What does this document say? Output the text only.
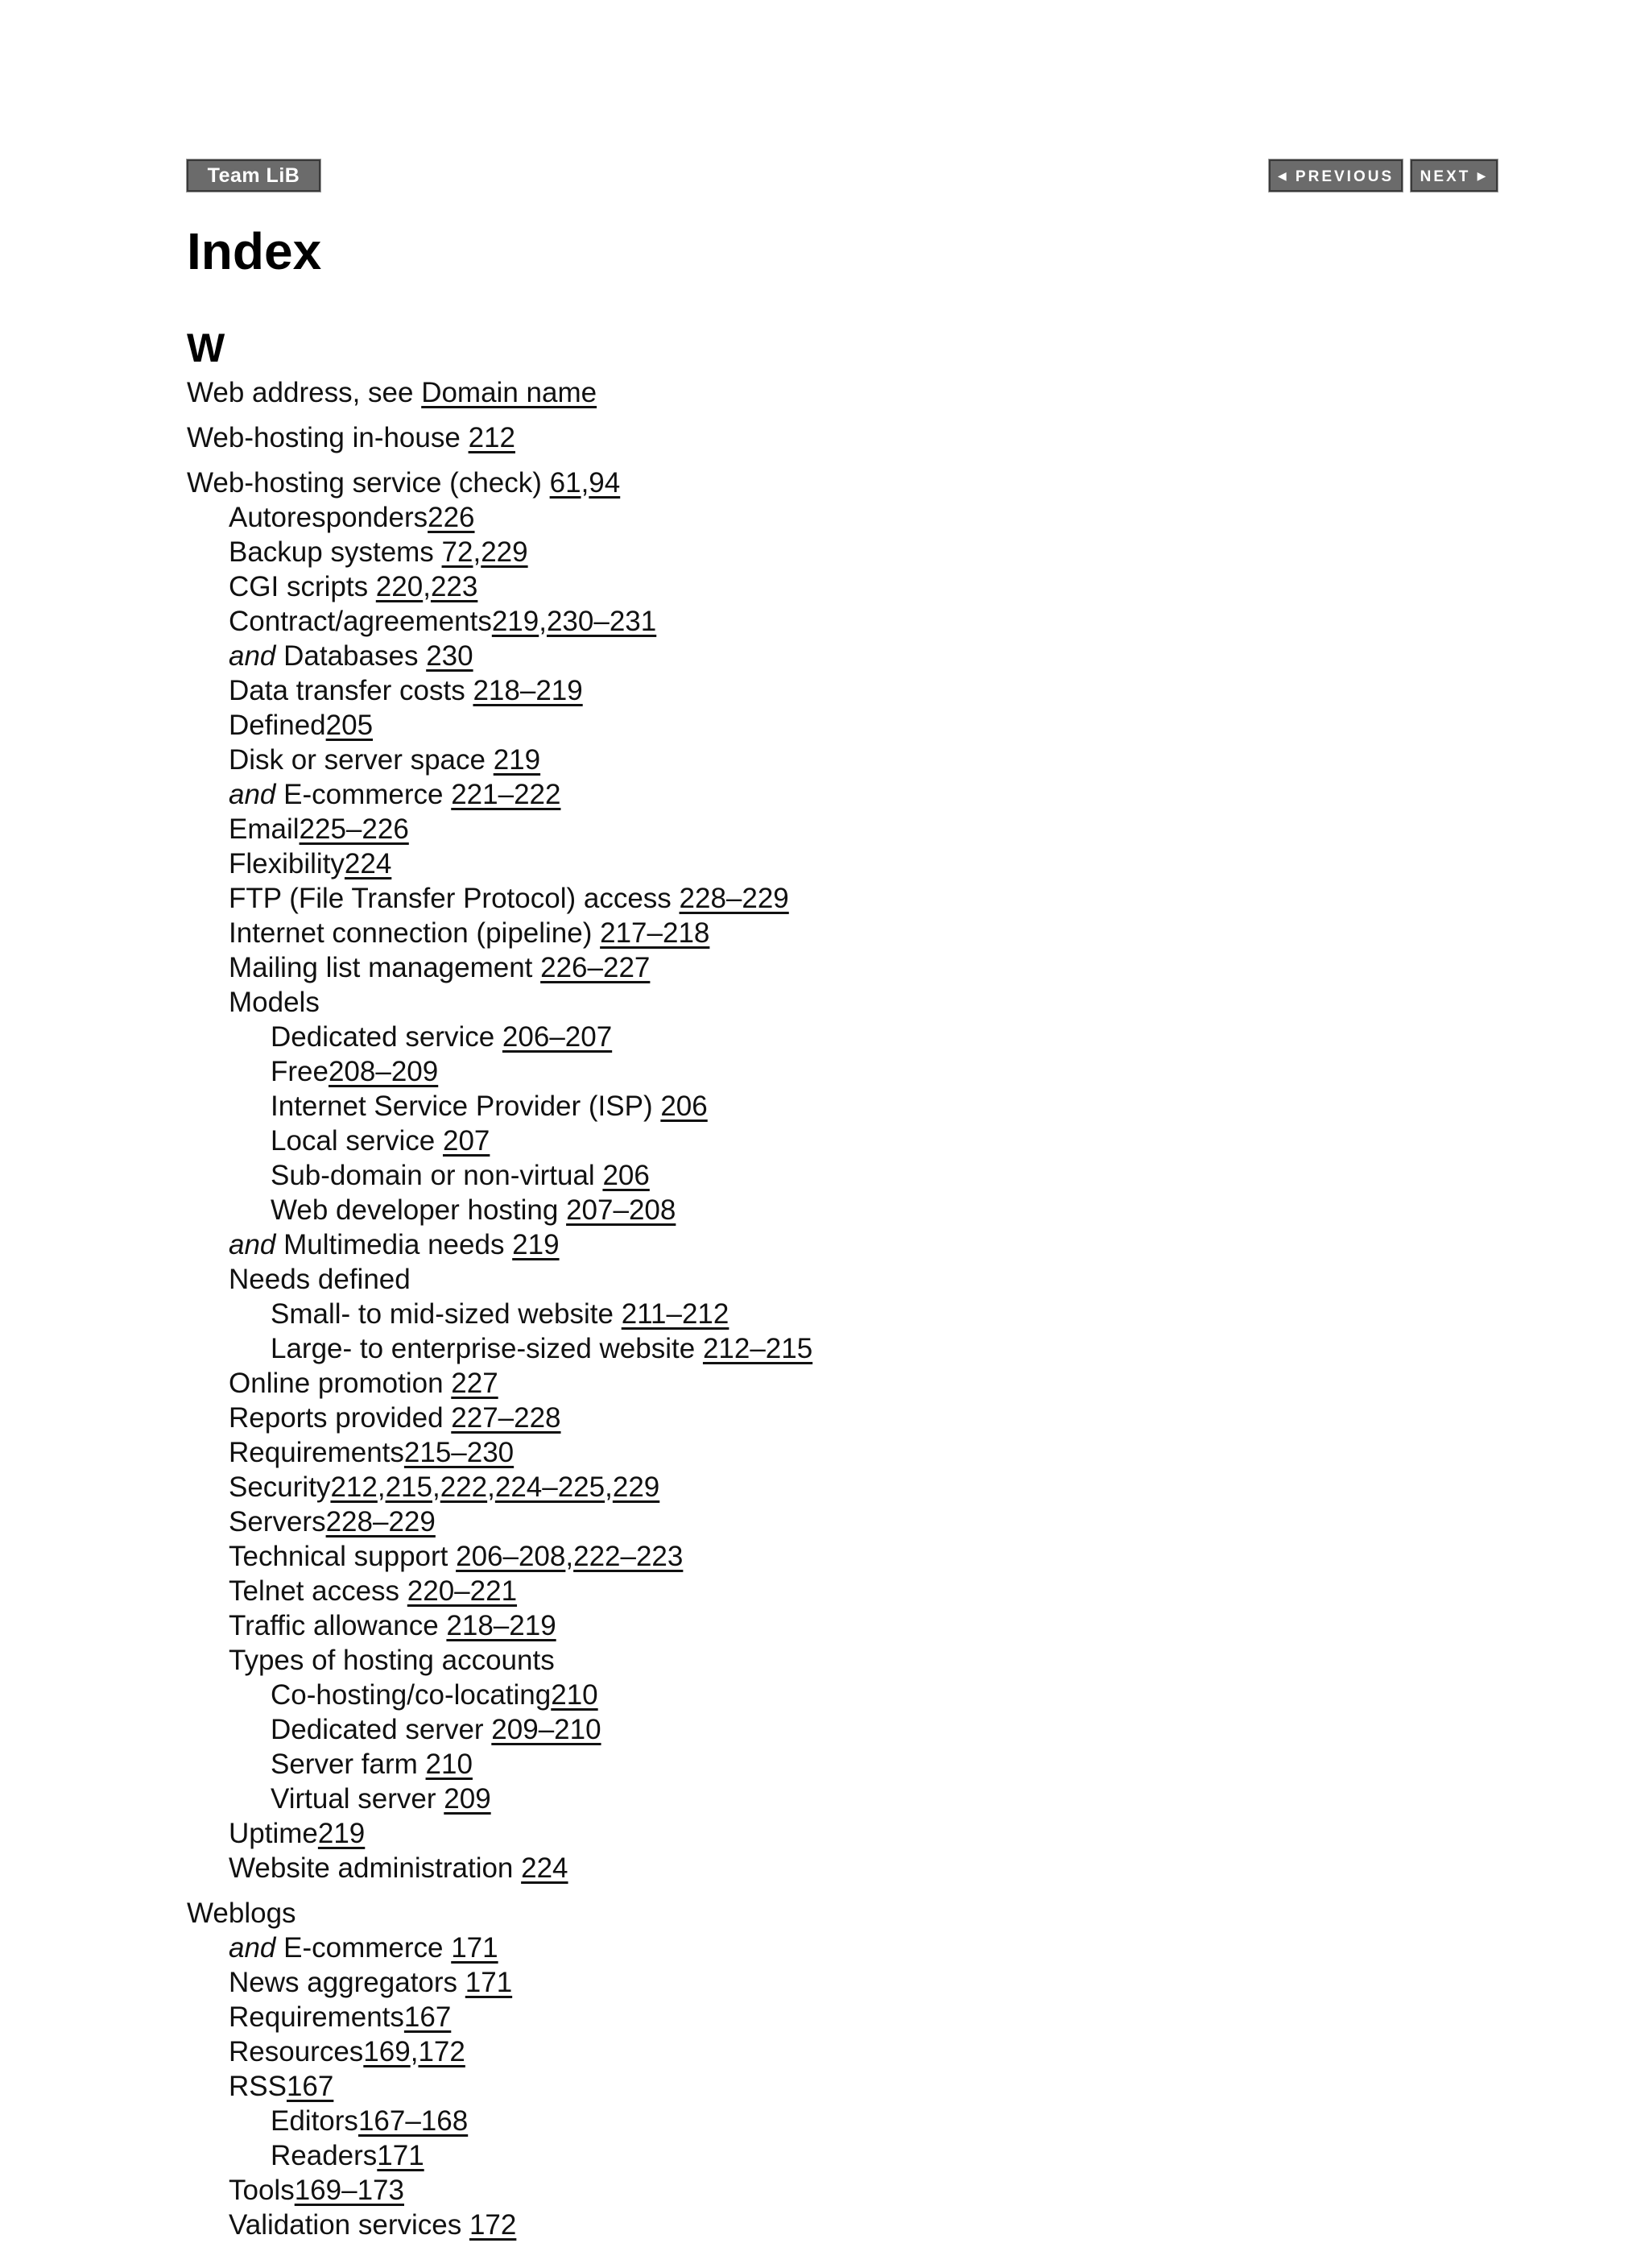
Team LiB	◀ PREVIOUS	NEXT ▶
Index
W
Web address, see Domain name
Web-hosting in-house 212
Web-hosting service (check) 61,94
Autoresponders226
Backup systems 72,229
CGI scripts 220,223
Contract/agreements219,230–231
and Databases 230
Data transfer costs 218–219
Defined205
Disk or server space 219
and E-commerce 221–222
Email225–226
Flexibility224
FTP (File Transfer Protocol) access 228–229
Internet connection (pipeline) 217–218
Mailing list management 226–227
Models
Dedicated service 206–207
Free208–209
Internet Service Provider (ISP) 206
Local service 207
Sub-domain or non-virtual 206
Web developer hosting 207–208
and Multimedia needs 219
Needs defined
Small- to mid-sized website 211–212
Large- to enterprise-sized website 212–215
Online promotion 227
Reports provided 227–228
Requirements215–230
Security212,215,222,224–225,229
Servers228–229
Technical support 206–208,222–223
Telnet access 220–221
Traffic allowance 218–219
Types of hosting accounts
Co-hosting/co-locating210
Dedicated server 209–210
Server farm 210
Virtual server 209
Uptime219
Website administration 224
Weblogs
and E-commerce 171
News aggregators 171
Requirements167
Resources169,172
RSS167
Editors167–168
Readers171
Tools169–173
Validation services 172
